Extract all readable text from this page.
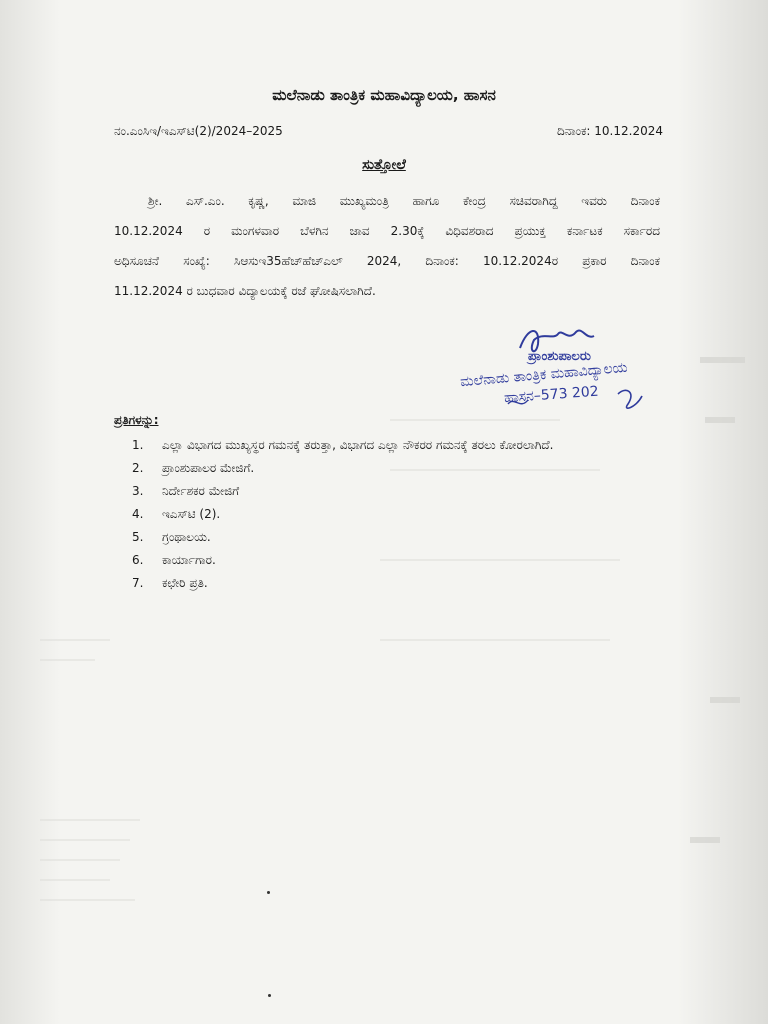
ಮಲೆನಾಡು ತಾಂತ್ರಿಕ ಮಹಾವಿದ್ಯಾಲಯ, ಹಾಸನ
ನಂ.ಎಂಸಿಇ/ಇಎಸ್‌ಟಿ(2)/2024–2025	ದಿನಾಂಕ: 10.12.2024
ಸುತ್ತೋಲೆ
ಶ್ರೀ. ಎಸ್.ಎಂ. ಕೃಷ್ಣ, ಮಾಜಿ ಮುಖ್ಯಮಂತ್ರಿ ಹಾಗೂ ಕೇಂದ್ರ ಸಚಿವರಾಗಿದ್ದ ಇವರು ದಿನಾಂಕ
10.12.2024 ರ ಮಂಗಳವಾರ ಬೆಳಗಿನ ಜಾವ 2.30ಕ್ಕೆ ವಿಧಿವಶರಾದ ಪ್ರಯುಕ್ತ ಕರ್ನಾಟಕ ಸರ್ಕಾರದ
ಅಧಿಸೂಚನೆ ಸಂಖ್ಯೆ: ಸಿಆಸುಇ35ಹೆಚ್‌ಹೆಚ್‌ಎಲ್ 2024, ದಿನಾಂಕ: 10.12.2024ರ ಪ್ರಕಾರ ದಿನಾಂಕ
11.12.2024 ರ ಬುಧವಾರ ವಿದ್ಯಾಲಯಕ್ಕೆ ರಜೆ ಘೋಷಿಸಲಾಗಿದೆ.
ಪ್ರಾಂಶುಪಾಲರು
ಮಲೆನಾಡು ತಾಂತ್ರಿಕ ಮಹಾವಿದ್ಯಾಲಯ
ಹಾಸನ–573 202
ಪ್ರತಿಗಳನ್ನು:
1.	ಎಲ್ಲಾ ವಿಭಾಗದ ಮುಖ್ಯಸ್ಥರ ಗಮನಕ್ಕೆ ತರುತ್ತಾ, ವಿಭಾಗದ ಎಲ್ಲಾ ನೌಕರರ ಗಮನಕ್ಕೆ ತರಲು ಕೋರಲಾಗಿದೆ.
2.	ಪ್ರಾಂಶುಪಾಲರ ಮೇಜಿಗೆ.
3.	ನಿರ್ದೇಶಕರ ಮೇಜಿಗೆ
4.	ಇಎಸ್‌ಟಿ (2).
5.	ಗ್ರಂಥಾಲಯ.
6.	ಕಾರ್ಯಾಗಾರ.
7.	ಕಛೇರಿ ಪ್ರತಿ.
